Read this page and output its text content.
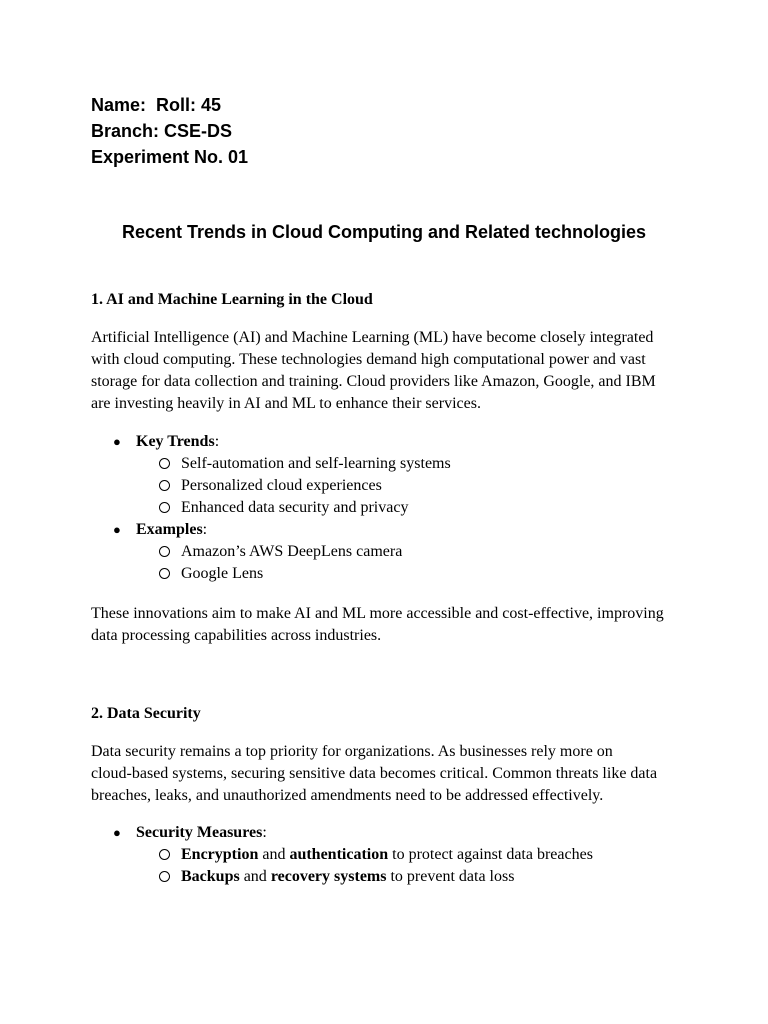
Name:  Roll: 45
Branch: CSE-DS
Experiment No. 01
Recent Trends in Cloud Computing and Related technologies
1. AI and Machine Learning in the Cloud
Artificial Intelligence (AI) and Machine Learning (ML) have become closely integrated
with cloud computing. These technologies demand high computational power and vast
storage for data collection and training. Cloud providers like Amazon, Google, and IBM
are investing heavily in AI and ML to enhance their services.
● Key Trends:
Self-automation and self-learning systems
Personalized cloud experiences
Enhanced data security and privacy
● Examples:
Amazon’s AWS DeepLens camera
Google Lens
These innovations aim to make AI and ML more accessible and cost-effective, improving
data processing capabilities across industries.
2. Data Security
Data security remains a top priority for organizations. As businesses rely more on
cloud-based systems, securing sensitive data becomes critical. Common threats like data
breaches, leaks, and unauthorized amendments need to be addressed effectively.
● Security Measures:
Encryption and authentication to protect against data breaches
Backups and recovery systems to prevent data loss
